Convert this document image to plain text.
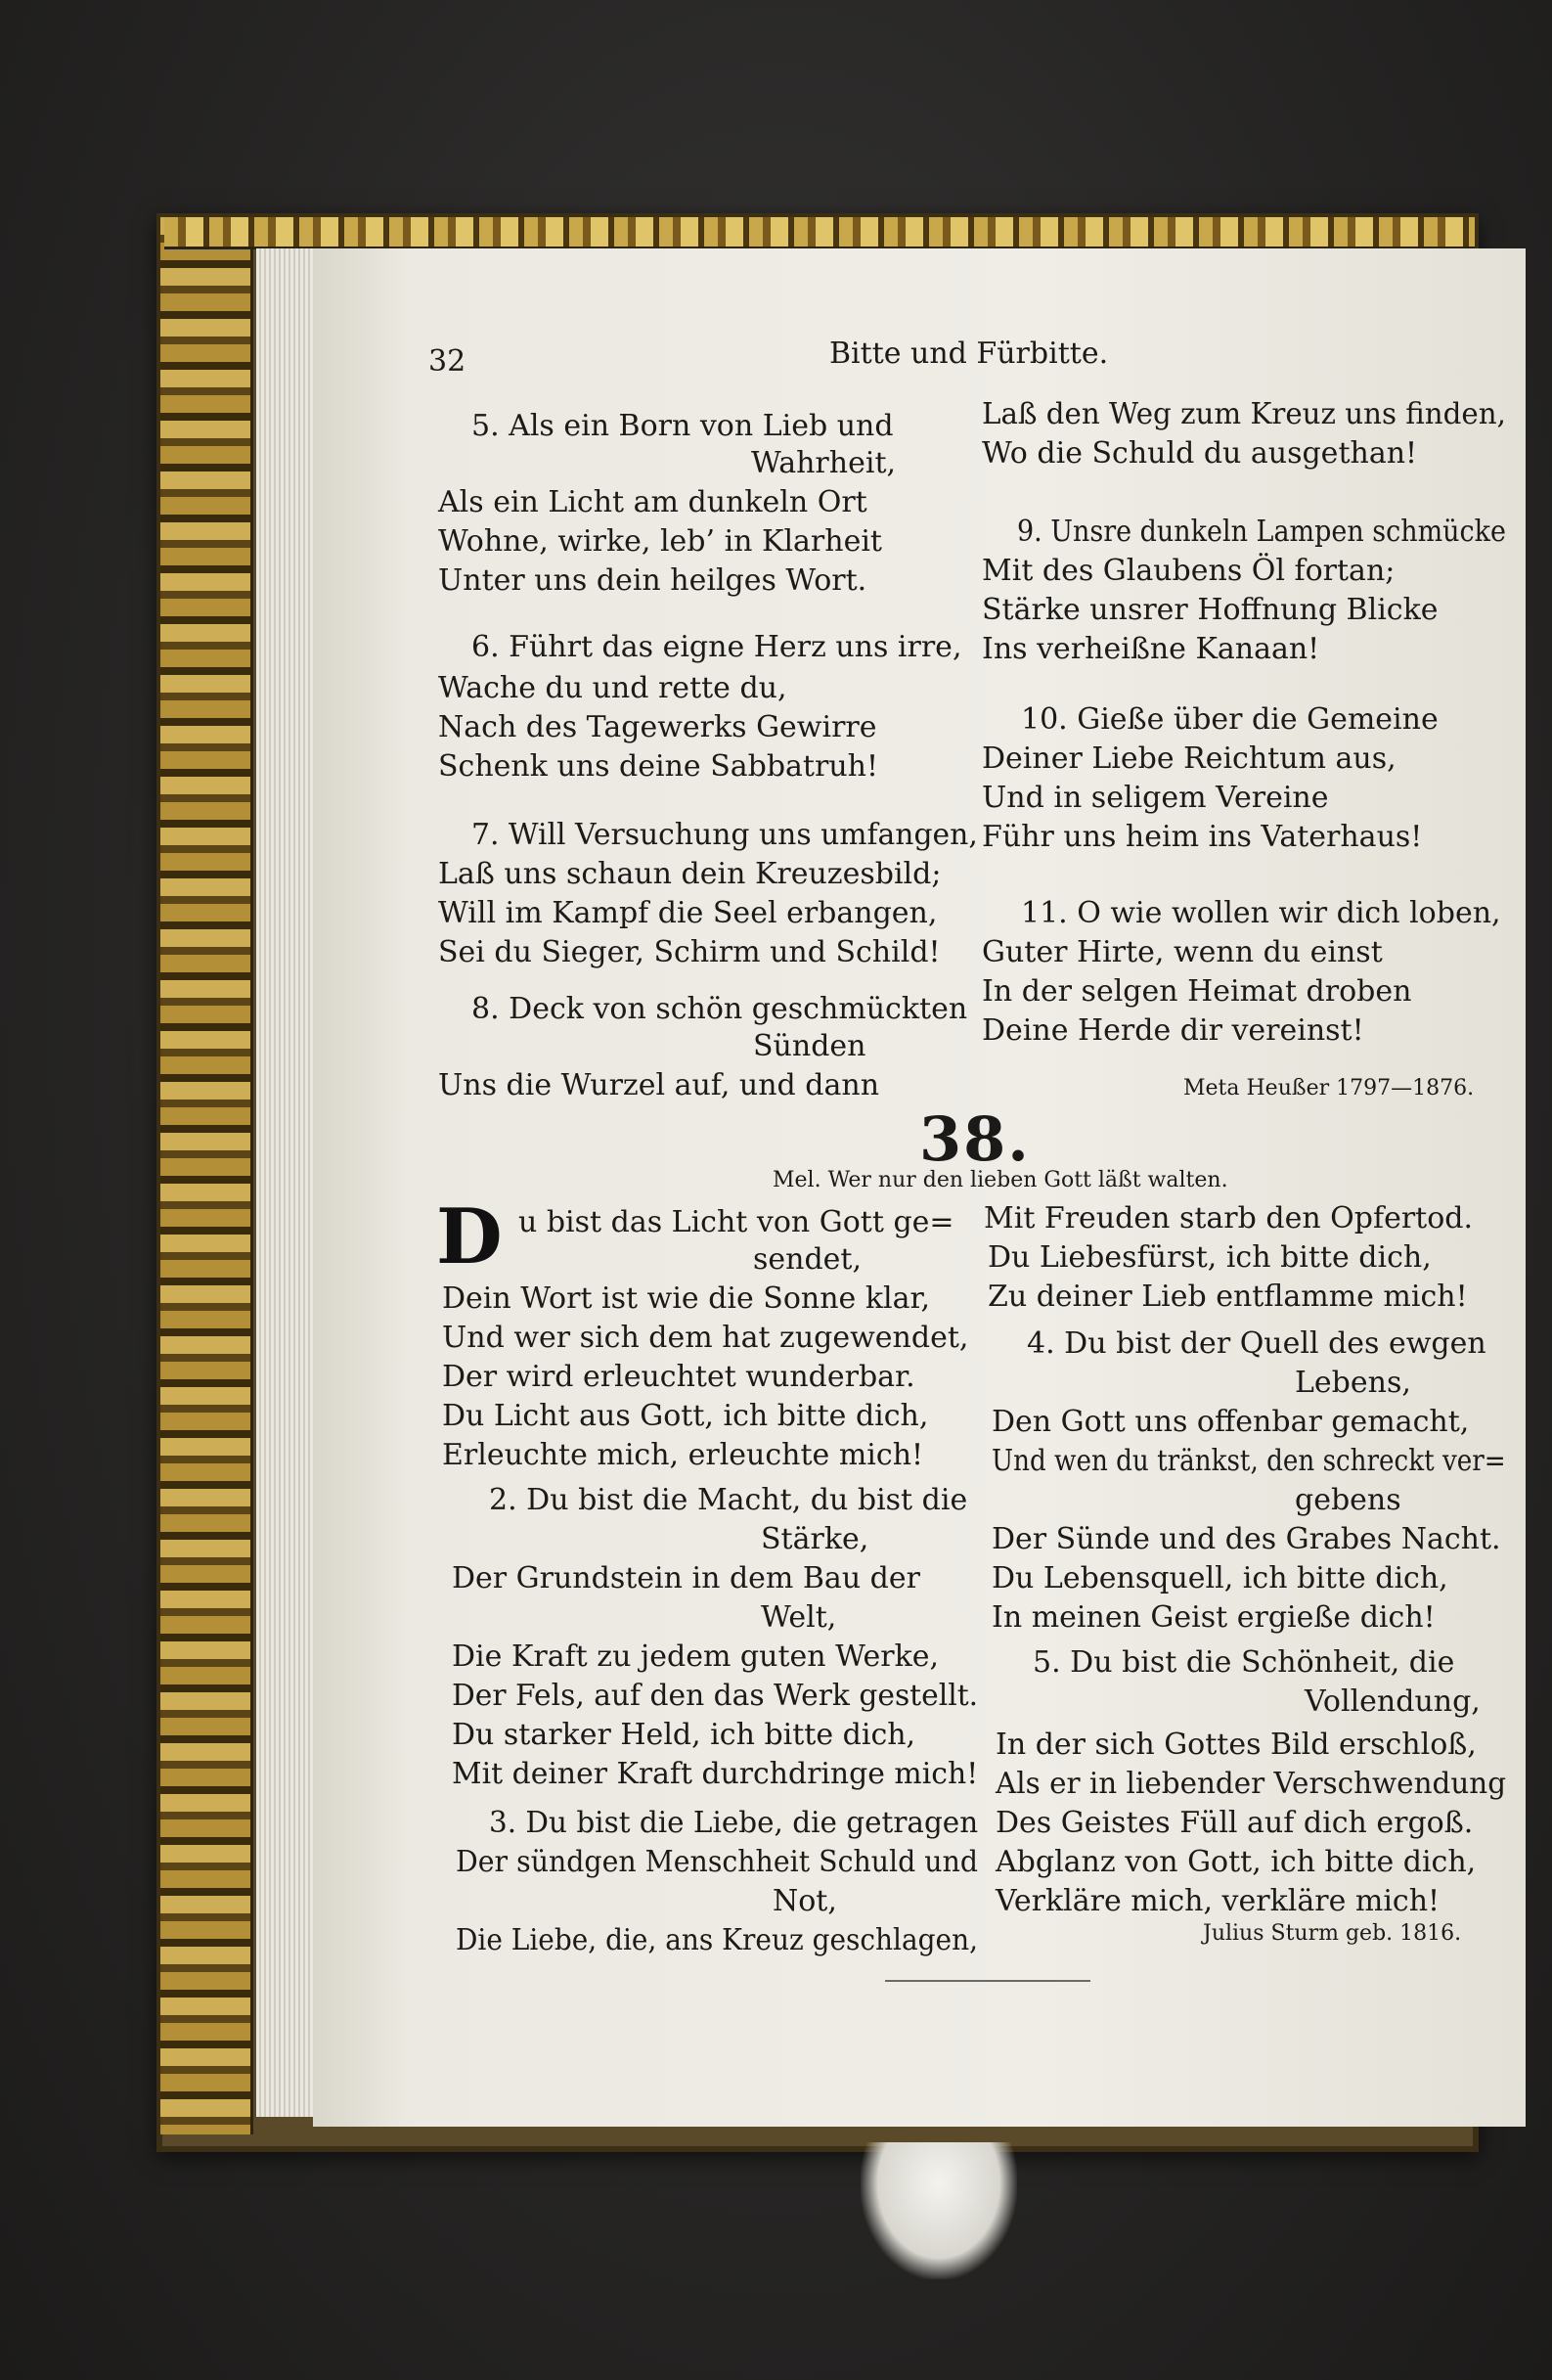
32	Bitte und Fürbitte.
5. Als ein Born von Lieb und
Wahrheit,
Als ein Licht am dunkeln Ort
Wohne, wirke, leb’ in Klarheit
Unter uns dein heilges Wort.
6. Führt das eigne Herz uns irre,
Wache du und rette du,
Nach des Tagewerks Gewirre
Schenk uns deine Sabbatruh!
7. Will Versuchung uns umfangen,
Laß uns schaun dein Kreuzesbild;
Will im Kampf die Seel erbangen,
Sei du Sieger, Schirm und Schild!
8. Deck von schön geschmückten
Sünden
Uns die Wurzel auf, und dann
Laß den Weg zum Kreuz uns finden,
Wo die Schuld du ausgethan!
9. Unsre dunkeln Lampen schmücke
Mit des Glaubens Öl fortan;
Stärke unsrer Hoffnung Blicke
Ins verheißne Kanaan!
10. Gieße über die Gemeine
Deiner Liebe Reichtum aus,
Und in seligem Vereine
Führ uns heim ins Vaterhaus!
11. O wie wollen wir dich loben,
Guter Hirte, wenn du einst
In der selgen Heimat droben
Deine Herde dir vereinst!
Meta Heußer 1797—1876.
38.
Mel. Wer nur den lieben Gott läßt walten.
D u bist das Licht von Gott ge=
sendet,
Dein Wort ist wie die Sonne klar,
Und wer sich dem hat zugewendet,
Der wird erleuchtet wunderbar.
Du Licht aus Gott, ich bitte dich,
Erleuchte mich, erleuchte mich!
2. Du bist die Macht, du bist die
Stärke,
Der Grundstein in dem Bau der
Welt,
Die Kraft zu jedem guten Werke,
Der Fels, auf den das Werk gestellt.
Du starker Held, ich bitte dich,
Mit deiner Kraft durchdringe mich!
3. Du bist die Liebe, die getragen
Der sündgen Menschheit Schuld und
Not,
Die Liebe, die, ans Kreuz geschlagen,
Mit Freuden starb den Opfertod.
Du Liebesfürst, ich bitte dich,
Zu deiner Lieb entflamme mich!
4. Du bist der Quell des ewgen
Lebens,
Den Gott uns offenbar gemacht,
Und wen du tränkst, den schreckt ver=
gebens
Der Sünde und des Grabes Nacht.
Du Lebensquell, ich bitte dich,
In meinen Geist ergieße dich!
5. Du bist die Schönheit, die
Vollendung,
In der sich Gottes Bild erschloß,
Als er in liebender Verschwendung
Des Geistes Füll auf dich ergoß.
Abglanz von Gott, ich bitte dich,
Verkläre mich, verkläre mich!
Julius Sturm geb. 1816.
